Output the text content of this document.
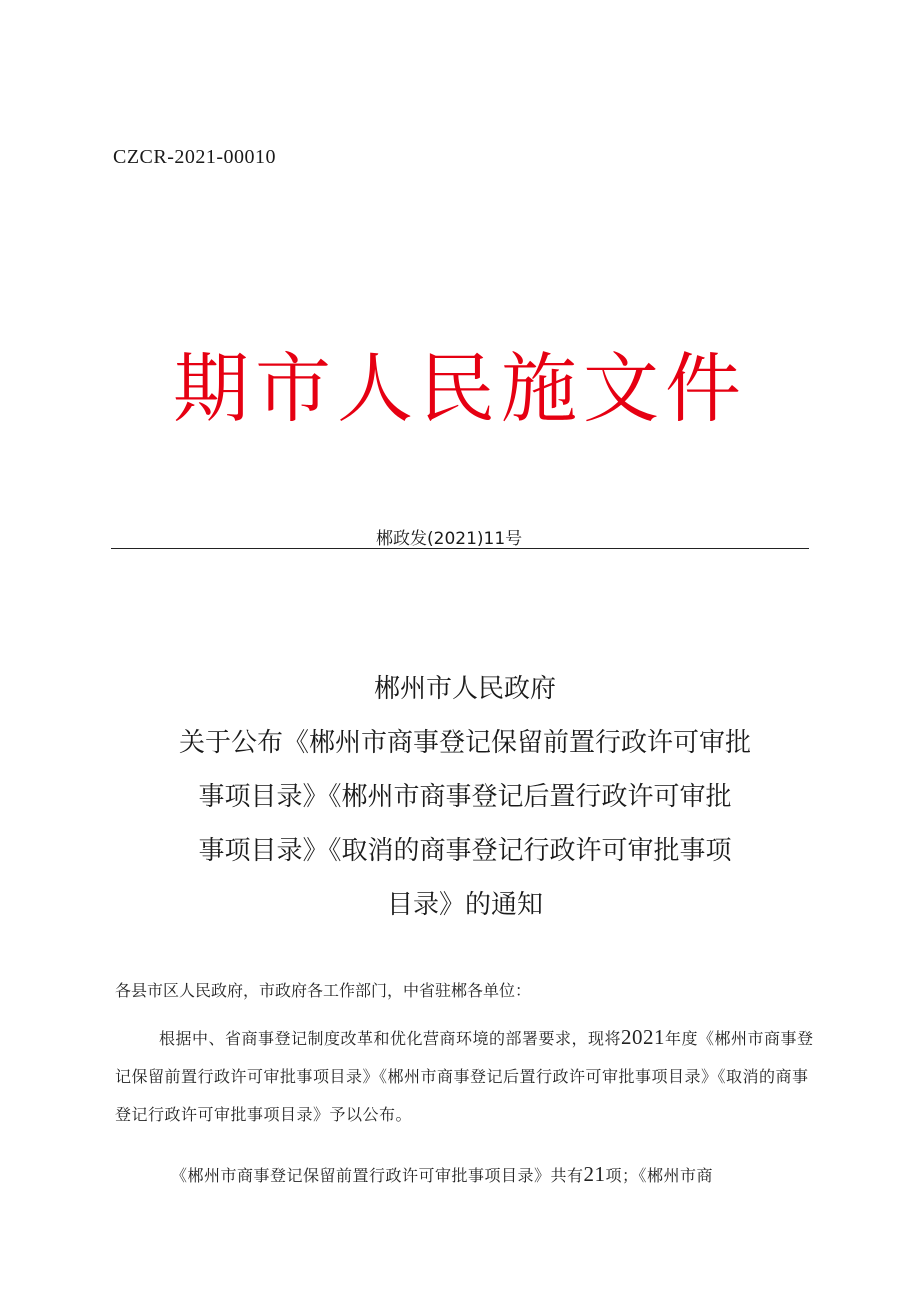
CZCR-2021-00010
期市人民施文件
郴政发(2021)11号
郴州市人民政府
关于公布《郴州市商事登记保留前置行政许可审批
事项目录》《郴州市商事登记后置行政许可审批
事项目录》《取消的商事登记行政许可审批事项
目录》的通知
各县市区人民政府，市政府各工作部门，中省驻郴各单位：
根据中、省商事登记制度改革和优化营商环境的部署要求，现将2021年度《郴州市商事登记保留前置行政许可审批事项目录》《郴州市商事登记后置行政许可审批事项目录》《取消的商事登记行政许可审批事项目录》予以公布。
《郴州市商事登记保留前置行政许可审批事项目录》共有21项；《郴州市商
